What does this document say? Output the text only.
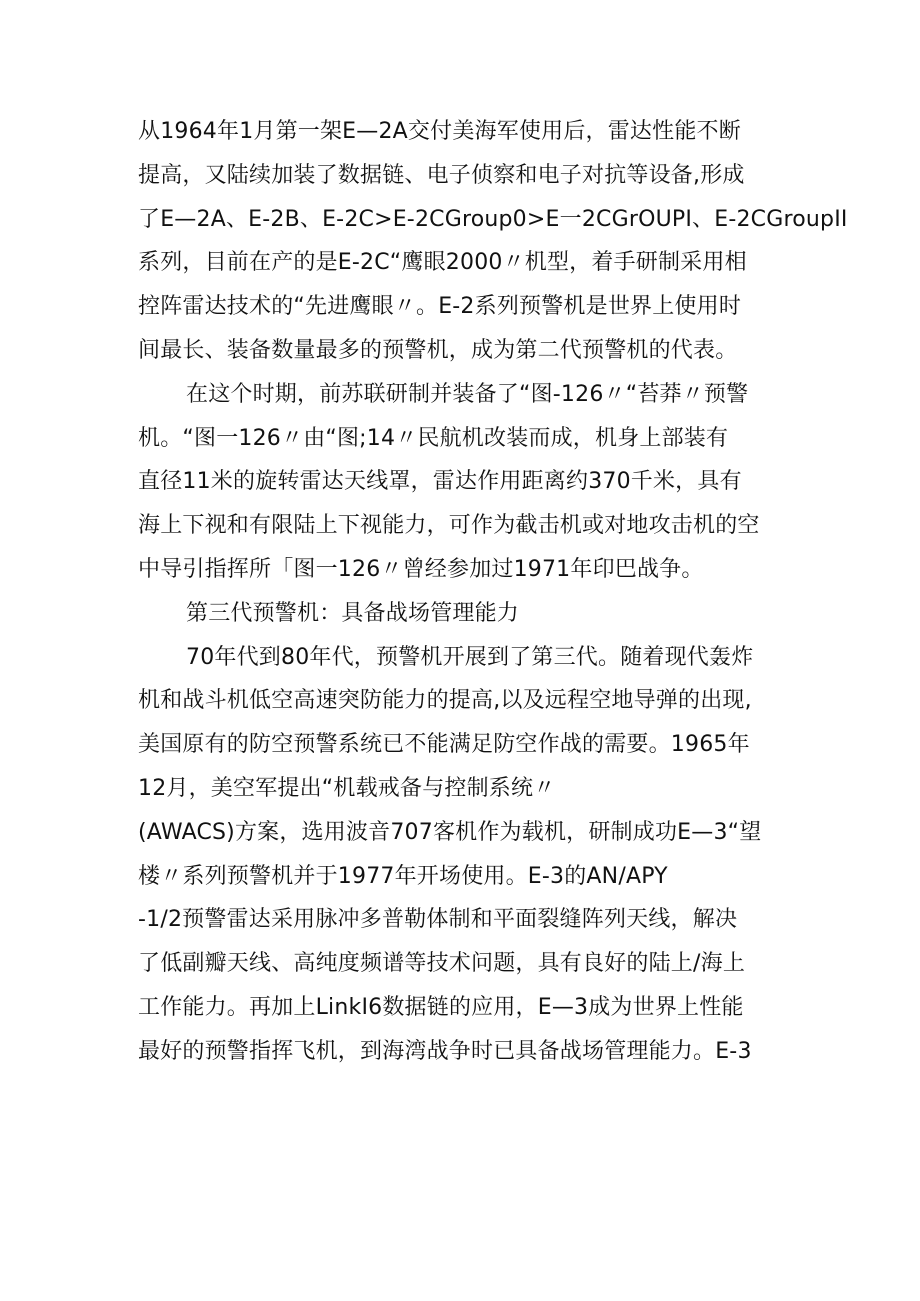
从1964年1月第一架E—2A交付美海军使用后，雷达性能不断
提高，又陆续加装了数据链、电子侦察和电子对抗等设备,形成
了E—2A、E-2B、E-2C>E-2CGroup0>E一2CGrOUPI、E-2CGroupII
系列，目前在产的是E-2C“鹰眼2000〃机型，着手研制采用相
控阵雷达技术的“先进鹰眼〃。E-2系列预警机是世界上使用时
间最长、装备数量最多的预警机，成为第二代预警机的代表。
在这个时期，前苏联研制并装备了“图-126〃“苔莽〃预警
机。“图一126〃由“图;14〃民航机改装而成，机身上部装有
直径11米的旋转雷达天线罩，雷达作用距离约370千米，具有
海上下视和有限陆上下视能力，可作为截击机或对地攻击机的空
中导引指挥所「图一126〃曾经参加过1971年印巴战争。
第三代预警机：具备战场管理能力
70年代到80年代，预警机开展到了第三代。随着现代轰炸
机和战斗机低空高速突防能力的提高,以及远程空地导弹的出现,
美国原有的防空预警系统已不能满足防空作战的需要。1965年
12月，美空军提出“机载戒备与控制系统〃
(AWACS)方案，选用波音707客机作为载机，研制成功E—3“望
楼〃系列预警机并于1977年开场使用。E-3的AN/APY
-1/2预警雷达采用脉冲多普勒体制和平面裂缝阵列天线，解决
了低副瓣天线、高纯度频谱等技术问题，具有良好的陆上/海上
工作能力。再加上LinkI6数据链的应用，E—3成为世界上性能
最好的预警指挥飞机，到海湾战争时已具备战场管理能力。E-3
